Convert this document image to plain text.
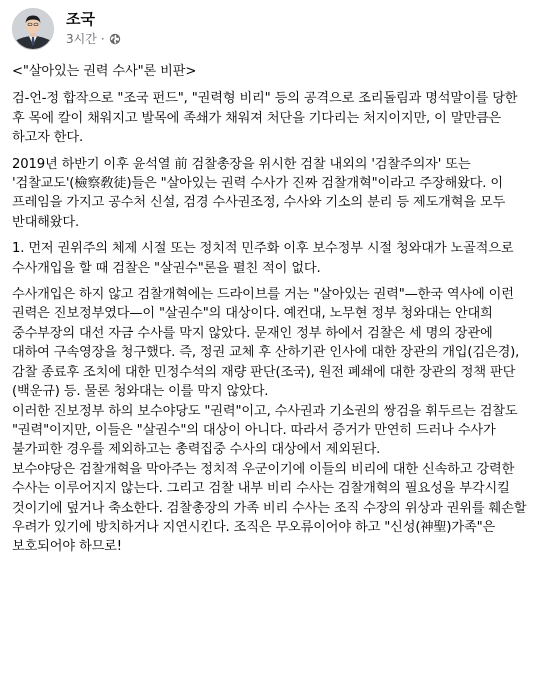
조국
3시간 ·

<"살아있는 권력 수사"론 비판>

검-언-정 합작으로 "조국 펀드", "권력형 비리" 등의 공격으로 조리돌림과 명석말이를 당한 후 목에 칼이 채워지고 발목에 족쇄가 채워져 처단을 기다리는 처지이지만, 이 말만큼은 하고자 한다.

2019년 하반기 이후 윤석열 前 검찰총장을 위시한 검찰 내외의 '검찰주의자' 또는 '검찰교도'(檢察敎徒)들은 "살아있는 권력 수사가 진짜 검찰개혁"이라고 주장해왔다. 이 프레임을 가지고 공수처 신설, 검경 수사권조정, 수사와 기소의 분리 등 제도개혁을 모두 반대해왔다.

1. 먼저 권위주의 체제 시절 또는 정치적 민주화 이후 보수정부 시절 청와대가 노골적으로 수사개입을 할 때 검찰은 "살권수"론을 펼친 적이 없다.

수사개입은 하지 않고 검찰개혁에는 드라이브를 거는 "살아있는 권력"—한국 역사에 이런 권력은 진보정부였다—이 "살권수"의 대상이다. 예컨대, 노무현 정부 청와대는 안대희 중수부장의 대선 자금 수사를 막지 않았다. 문재인 정부 하에서 검찰은 세 명의 장관에 대하여 구속영장을 청구했다. 즉, 정권 교체 후 산하기관 인사에 대한 장관의 개입(김은경), 감찰 종료후 조치에 대한 민정수석의 재량 판단(조국), 원전 폐쇄에 대한 장관의 정책 판단(백운규) 등. 물론 청와대는 이를 막지 않았다.

이러한 진보정부 하의 보수야당도 "권력"이고, 수사권과 기소권의 쌍검을 휘두르는 검찰도 "권력"이지만, 이들은 "살권수"의 대상이 아니다. 따라서 증거가 만연히 드러나 수사가 불가피한 경우를 제외하고는 총력집중 수사의 대상에서 제외된다.

보수야당은 검찰개혁을 막아주는 정치적 우군이기에 이들의 비리에 대한 신속하고 강력한 수사는 이루어지지 않는다. 그리고 검찰 내부 비리 수사는 검찰개혁의 필요성을 부각시킬 것이기에 덮거나 축소한다. 검찰총장의 가족 비리 수사는 조직 수장의 위상과 권위를 훼손할 우려가 있기에 방치하거나 지연시킨다. 조직은 무오류이어야 하고 "신성(神聖)가족"은 보호되어야 하므로!
